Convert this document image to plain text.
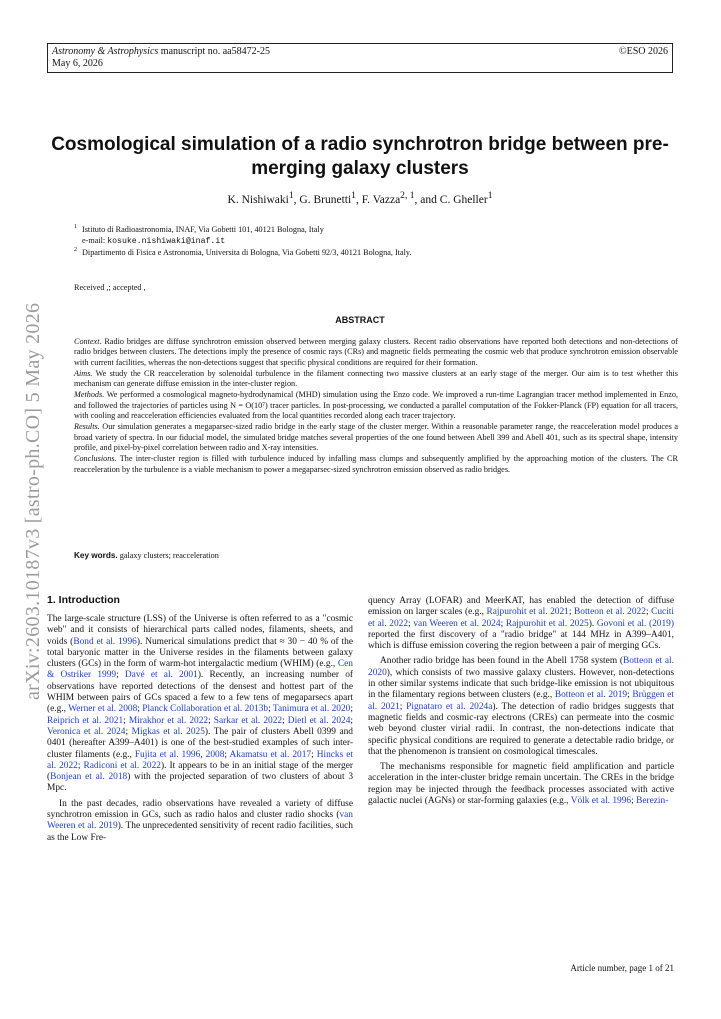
Astronomy & Astrophysics manuscript no. aa58472-25
May 6, 2026
©ESO 2026
arXiv:2603.10187v3 [astro-ph.CO] 5 May 2026
Cosmological simulation of a radio synchrotron bridge between pre-merging galaxy clusters
K. Nishiwaki$^1$, G. Brunetti$^1$, F. Vazza$^{2, 1}$, and C. Gheller$^1$
1 Istituto di Radioastronomia, INAF, Via Gobetti 101, 40121 Bologna, Italy
e-mail: kosuke.nishiwaki@inaf.it
2 Dipartimento di Fisica e Astronomia, Universita di Bologna, Via Gobetti 92/3, 40121 Bologna, Italy.
Received ,; accepted ,
ABSTRACT

Context. Radio bridges are diffuse synchrotron emission observed between merging galaxy clusters. Recent radio observations have reported both detections and non-detections of radio bridges between clusters. The detections imply the presence of cosmic rays (CRs) and magnetic fields permeating the cosmic web that produce synchrotron emission observable with current facilities, whereas the non-detections suggest that specific physical conditions are required for their formation.

Aims. We study the CR reacceleration by solenoidal turbulence in the filament connecting two massive clusters at an early stage of the merger. Our aim is to test whether this mechanism can generate diffuse emission in the inter-cluster region.

Methods. We performed a cosmological magneto-hydrodynamical (MHD) simulation using the Enzo code. We improved a run-time Lagrangian tracer method implemented in Enzo, and followed the trajectories of particles using N = O(10⁷) tracer particles. In post-processing, we conducted a parallel computation of the Fokker-Planck (FP) equation for all tracers, with cooling and reacceleration efficiencies evaluated from the local quantities recorded along each tracer trajectory.

Results. Our simulation generates a megaparsec-sized radio bridge in the early stage of the cluster merger. Within a reasonable parameter range, the reacceleration model produces a broad variety of spectra. In our fiducial model, the simulated bridge matches several properties of the one found between Abell 399 and Abell 401, such as its spectral shape, intensity profile, and pixel-by-pixel correlation between radio and X-ray intensities.

Conclusions. The inter-cluster region is filled with turbulence induced by infalling mass clumps and subsequently amplified by the approaching motion of the clusters. The CR reacceleration by the turbulence is a viable mechanism to power a megaparsec-sized synchrotron emission observed as radio bridges.

Key words. galaxy clusters; reacceleration
1. Introduction

The large-scale structure (LSS) of the Universe is often referred to as a "cosmic web" and it consists of hierarchical parts called nodes, filaments, sheets, and voids (Bond et al. 1996). Numerical simulations predict that ≈ 30 − 40 % of the total baryonic matter in the Universe resides in the filaments between galaxy clusters (GCs) in the form of warm-hot intergalactic medium (WHIM) (e.g., Cen & Ostriker 1999; Davé et al. 2001). Recently, an increasing number of observations have reported detections of the densest and hottest part of the WHIM between pairs of GCs spaced a few to a few tens of megaparsecs apart (e.g., Werner et al. 2008; Planck Collaboration et al. 2013b; Tanimura et al. 2020; Reiprich et al. 2021; Mirakhor et al. 2022; Sarkar et al. 2022; Dietl et al. 2024; Veronica et al. 2024; Migkas et al. 2025). The pair of clusters Abell 0399 and 0401 (hereafter A399–A401) is one of the best-studied examples of such inter-cluster filaments (e.g., Fujita et al. 1996, 2008; Akamatsu et al. 2017; Hincks et al. 2022; Radiconi et al. 2022). It appears to be in an initial stage of the merger (Bonjean et al. 2018) with the projected separation of two clusters of about 3 Mpc.

In the past decades, radio observations have revealed a variety of diffuse synchrotron emission in GCs, such as radio halos and cluster radio shocks (van Weeren et al. 2019). The unprecedented sensitivity of recent radio facilities, such as the Low Fre-

quency Array (LOFAR) and MeerKAT, has enabled the detection of diffuse emission on larger scales (e.g., Rajpurohit et al. 2021; Botteon et al. 2022; Cuciti et al. 2022; van Weeren et al. 2024; Rajpurohit et al. 2025). Govoni et al. (2019) reported the first discovery of a "radio bridge" at 144 MHz in A399–A401, which is diffuse emission covering the region between a pair of merging GCs.

Another radio bridge has been found in the Abell 1758 system (Botteon et al. 2020), which consists of two massive galaxy clusters. However, non-detections in other similar systems indicate that such bridge-like emission is not ubiquitous in the filamentary regions between clusters (e.g., Botteon et al. 2019; Brüggen et al. 2021; Pignataro et al. 2024a). The detection of radio bridges suggests that magnetic fields and cosmic-ray electrons (CREs) can permeate into the cosmic web beyond cluster virial radii. In contrast, the non-detections indicate that specific physical conditions are required to generate a detectable radio bridge, or that the phenomenon is transient on cosmological timescales.

The mechanisms responsible for magnetic field amplification and particle acceleration in the inter-cluster bridge remain uncertain. The CREs in the bridge region may be injected through the feedback processes associated with active galactic nuclei (AGNs) or star-forming galaxies (e.g., Völk et al. 1996; Berezin-

Article number, page 1 of 21
